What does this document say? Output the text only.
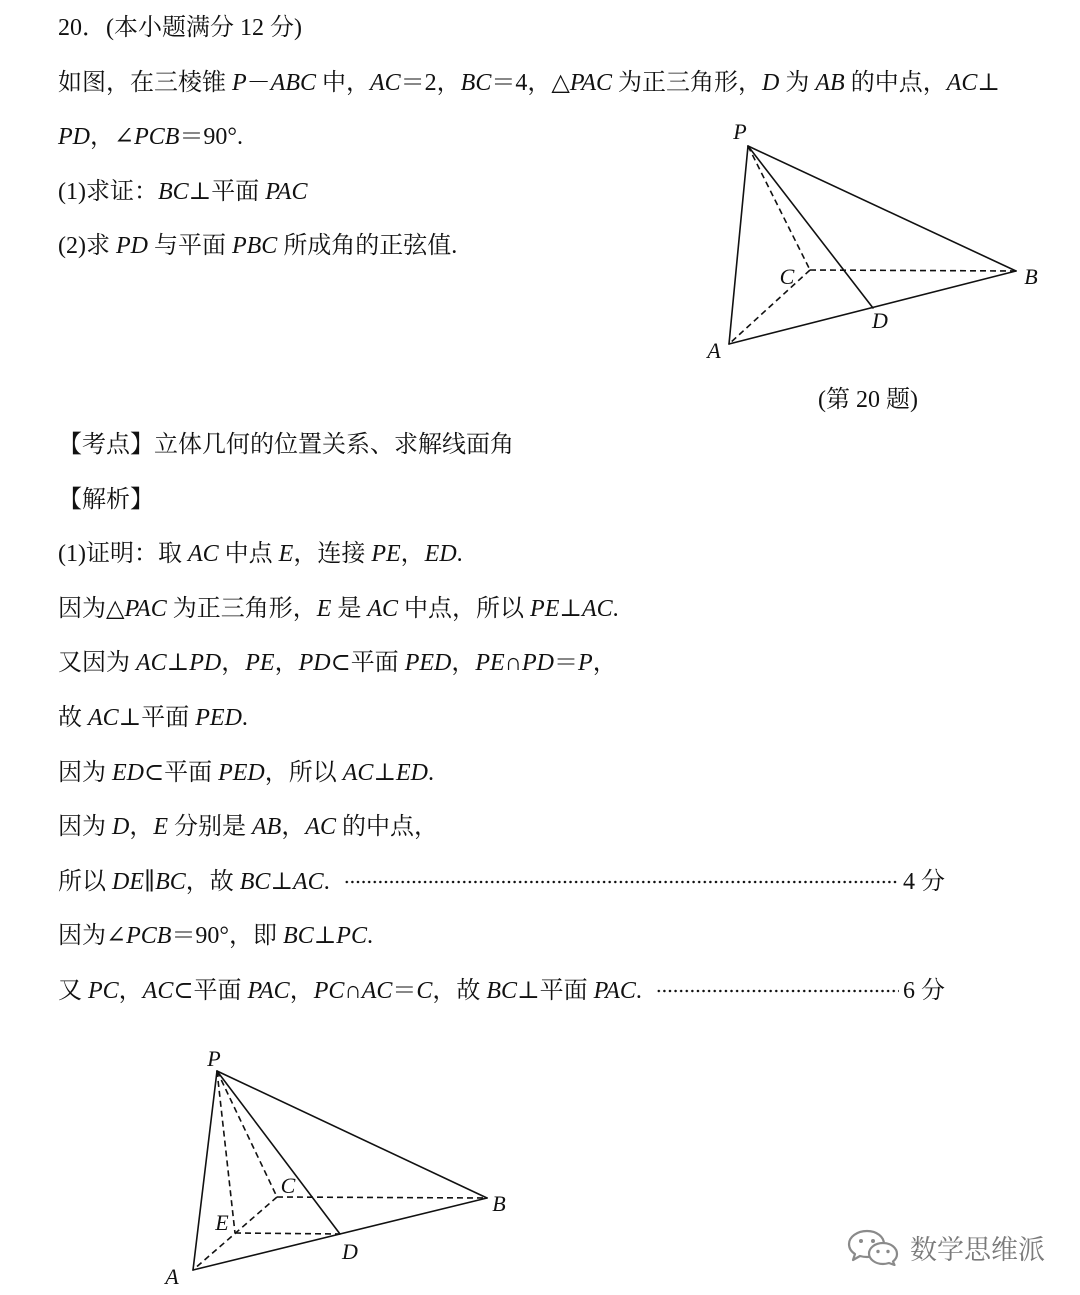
20．(本小题满分 12 分)
如图，在三棱锥 P－ABC 中，AC＝2，BC＝4，△PAC 为正三角形，D 为 AB 的中点，AC⊥
PD，∠PCB＝90°.
(1)求证：BC⊥平面 PAC
(2)求 PD 与平面 PBC 所成角的正弦值.
P
C	B
D
A
(第 20 题)
【考点】立体几何的位置关系、求解线面角
【解析】
(1)证明：取 AC 中点 E，连接 PE，ED.
因为△PAC 为正三角形，E 是 AC 中点，所以 PE⊥AC.
又因为 AC⊥PD，PE，PD⊂平面 PED，PE∩PD＝P，
故 AC⊥平面 PED.
因为 ED⊂平面 PED，所以 AC⊥ED.
因为 D，E 分别是 AB，AC 的中点，
所以 DE∥BC，故 BC⊥AC.	4 分
因为∠PCB＝90°，即 BC⊥PC.
又 PC，AC⊂平面 PAC，PC∩AC＝C，故 BC⊥平面 PAC.	6 分
P
C
E
D
B
A
数学思维派
